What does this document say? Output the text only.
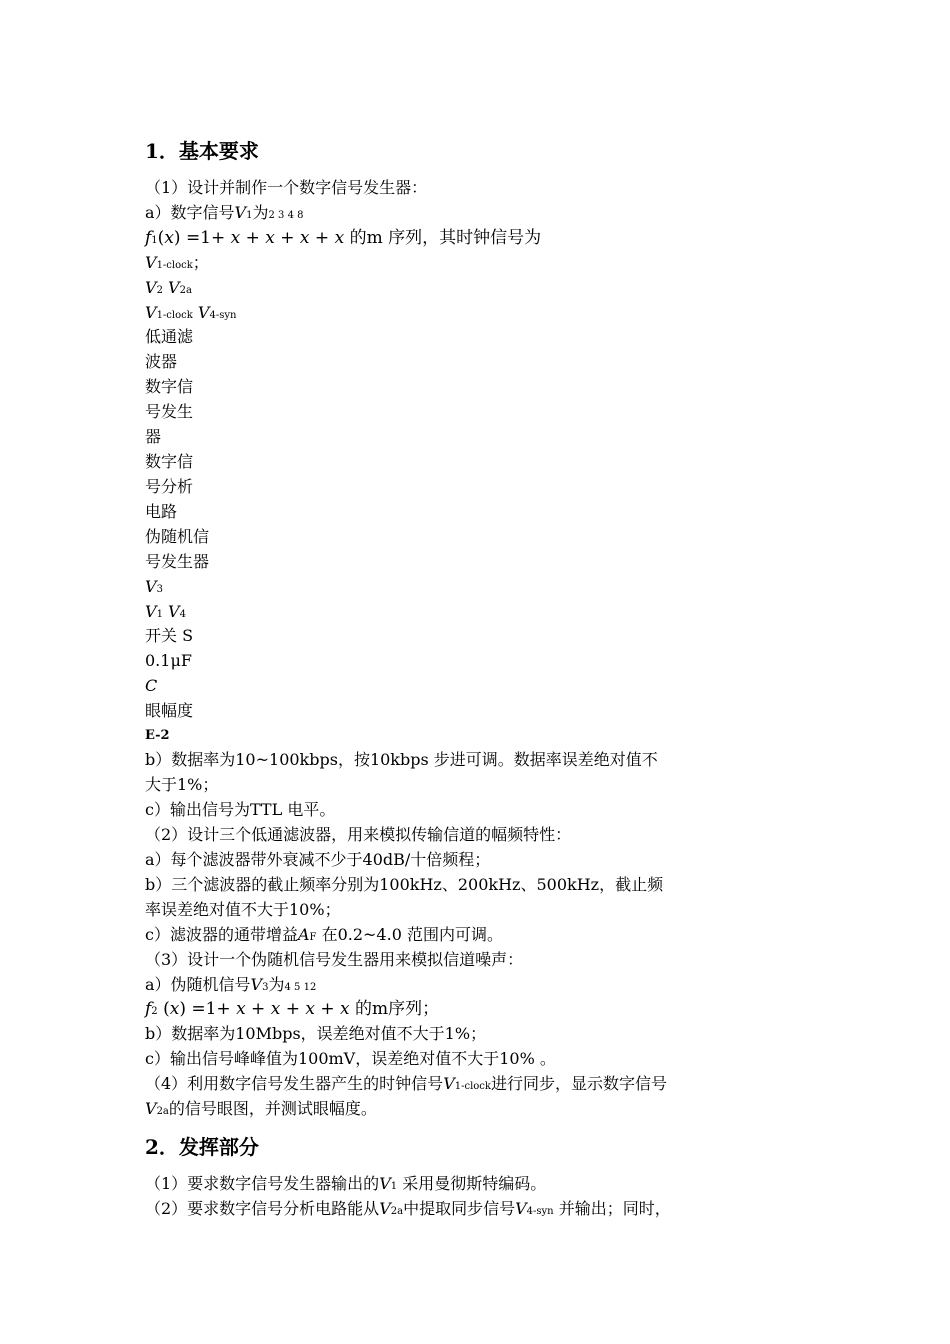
1．基本要求
（1）设计并制作一个数字信号发生器：
a）数字信号V1为2 3 4 8
f1(x) =1+ x + x + x + x 的m 序列，其时钟信号为
V1-clock；
V2 V2a
V1-clock V4-syn
低通滤
波器
数字信
号发生
器
数字信
号分析
电路
伪随机信
号发生器
V3
V1 V4
开关 S
0.1μF
C
眼幅度
E-2
b）数据率为10~100kbps，按10kbps 步进可调。数据率误差绝对值不
大于1%；
c）输出信号为TTL 电平。
（2）设计三个低通滤波器，用来模拟传输信道的幅频特性：
a）每个滤波器带外衰减不少于40dB/十倍频程；
b）三个滤波器的截止频率分别为100kHz、200kHz、500kHz，截止频
率误差绝对值不大于10%；
c）滤波器的通带增益AF 在0.2~4.0 范围内可调。
（3）设计一个伪随机信号发生器用来模拟信道噪声：
a）伪随机信号V3为4 5 12
f2 (x) =1+ x + x + x + x 的m序列；
b）数据率为10Mbps，误差绝对值不大于1%；
c）输出信号峰峰值为100mV，误差绝对值不大于10% 。
（4）利用数字信号发生器产生的时钟信号V1-clock进行同步，显示数字信号
V2a的信号眼图，并测试眼幅度。
2．发挥部分
（1）要求数字信号发生器输出的V1 采用曼彻斯特编码。
（2）要求数字信号分析电路能从V2a中提取同步信号V4-syn 并输出；同时，
